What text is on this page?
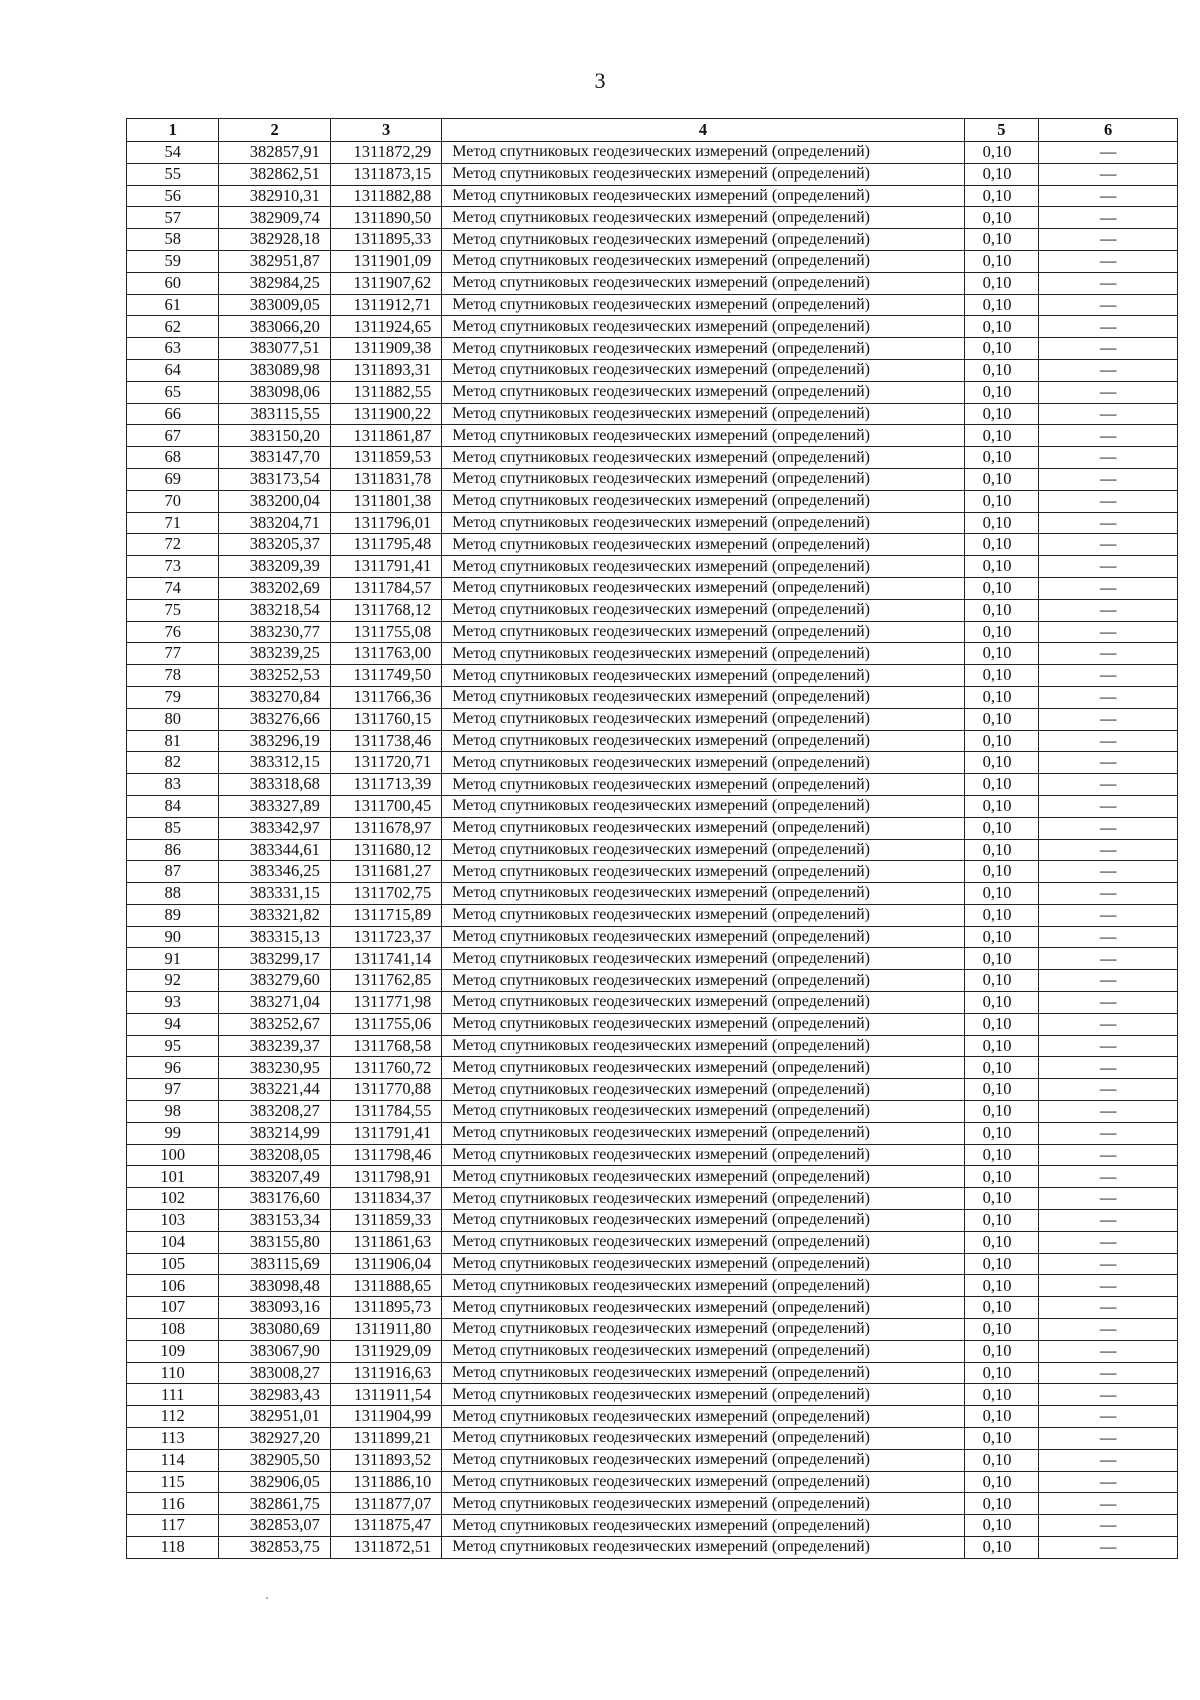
3
1	2	3	4	5	6
54	382857,91	1311872,29	Метод спутниковых геодезических измерений (определений)	0,10	—
55	382862,51	1311873,15	Метод спутниковых геодезических измерений (определений)	0,10	—
56	382910,31	1311882,88	Метод спутниковых геодезических измерений (определений)	0,10	—
57	382909,74	1311890,50	Метод спутниковых геодезических измерений (определений)	0,10	—
58	382928,18	1311895,33	Метод спутниковых геодезических измерений (определений)	0,10	—
59	382951,87	1311901,09	Метод спутниковых геодезических измерений (определений)	0,10	—
60	382984,25	1311907,62	Метод спутниковых геодезических измерений (определений)	0,10	—
61	383009,05	1311912,71	Метод спутниковых геодезических измерений (определений)	0,10	—
62	383066,20	1311924,65	Метод спутниковых геодезических измерений (определений)	0,10	—
63	383077,51	1311909,38	Метод спутниковых геодезических измерений (определений)	0,10	—
64	383089,98	1311893,31	Метод спутниковых геодезических измерений (определений)	0,10	—
65	383098,06	1311882,55	Метод спутниковых геодезических измерений (определений)	0,10	—
66	383115,55	1311900,22	Метод спутниковых геодезических измерений (определений)	0,10	—
67	383150,20	1311861,87	Метод спутниковых геодезических измерений (определений)	0,10	—
68	383147,70	1311859,53	Метод спутниковых геодезических измерений (определений)	0,10	—
69	383173,54	1311831,78	Метод спутниковых геодезических измерений (определений)	0,10	—
70	383200,04	1311801,38	Метод спутниковых геодезических измерений (определений)	0,10	—
71	383204,71	1311796,01	Метод спутниковых геодезических измерений (определений)	0,10	—
72	383205,37	1311795,48	Метод спутниковых геодезических измерений (определений)	0,10	—
73	383209,39	1311791,41	Метод спутниковых геодезических измерений (определений)	0,10	—
74	383202,69	1311784,57	Метод спутниковых геодезических измерений (определений)	0,10	—
75	383218,54	1311768,12	Метод спутниковых геодезических измерений (определений)	0,10	—
76	383230,77	1311755,08	Метод спутниковых геодезических измерений (определений)	0,10	—
77	383239,25	1311763,00	Метод спутниковых геодезических измерений (определений)	0,10	—
78	383252,53	1311749,50	Метод спутниковых геодезических измерений (определений)	0,10	—
79	383270,84	1311766,36	Метод спутниковых геодезических измерений (определений)	0,10	—
80	383276,66	1311760,15	Метод спутниковых геодезических измерений (определений)	0,10	—
81	383296,19	1311738,46	Метод спутниковых геодезических измерений (определений)	0,10	—
82	383312,15	1311720,71	Метод спутниковых геодезических измерений (определений)	0,10	—
83	383318,68	1311713,39	Метод спутниковых геодезических измерений (определений)	0,10	—
84	383327,89	1311700,45	Метод спутниковых геодезических измерений (определений)	0,10	—
85	383342,97	1311678,97	Метод спутниковых геодезических измерений (определений)	0,10	—
86	383344,61	1311680,12	Метод спутниковых геодезических измерений (определений)	0,10	—
87	383346,25	1311681,27	Метод спутниковых геодезических измерений (определений)	0,10	—
88	383331,15	1311702,75	Метод спутниковых геодезических измерений (определений)	0,10	—
89	383321,82	1311715,89	Метод спутниковых геодезических измерений (определений)	0,10	—
90	383315,13	1311723,37	Метод спутниковых геодезических измерений (определений)	0,10	—
91	383299,17	1311741,14	Метод спутниковых геодезических измерений (определений)	0,10	—
92	383279,60	1311762,85	Метод спутниковых геодезических измерений (определений)	0,10	—
93	383271,04	1311771,98	Метод спутниковых геодезических измерений (определений)	0,10	—
94	383252,67	1311755,06	Метод спутниковых геодезических измерений (определений)	0,10	—
95	383239,37	1311768,58	Метод спутниковых геодезических измерений (определений)	0,10	—
96	383230,95	1311760,72	Метод спутниковых геодезических измерений (определений)	0,10	—
97	383221,44	1311770,88	Метод спутниковых геодезических измерений (определений)	0,10	—
98	383208,27	1311784,55	Метод спутниковых геодезических измерений (определений)	0,10	—
99	383214,99	1311791,41	Метод спутниковых геодезических измерений (определений)	0,10	—
100	383208,05	1311798,46	Метод спутниковых геодезических измерений (определений)	0,10	—
101	383207,49	1311798,91	Метод спутниковых геодезических измерений (определений)	0,10	—
102	383176,60	1311834,37	Метод спутниковых геодезических измерений (определений)	0,10	—
103	383153,34	1311859,33	Метод спутниковых геодезических измерений (определений)	0,10	—
104	383155,80	1311861,63	Метод спутниковых геодезических измерений (определений)	0,10	—
105	383115,69	1311906,04	Метод спутниковых геодезических измерений (определений)	0,10	—
106	383098,48	1311888,65	Метод спутниковых геодезических измерений (определений)	0,10	—
107	383093,16	1311895,73	Метод спутниковых геодезических измерений (определений)	0,10	—
108	383080,69	1311911,80	Метод спутниковых геодезических измерений (определений)	0,10	—
109	383067,90	1311929,09	Метод спутниковых геодезических измерений (определений)	0,10	—
110	383008,27	1311916,63	Метод спутниковых геодезических измерений (определений)	0,10	—
111	382983,43	1311911,54	Метод спутниковых геодезических измерений (определений)	0,10	—
112	382951,01	1311904,99	Метод спутниковых геодезических измерений (определений)	0,10	—
113	382927,20	1311899,21	Метод спутниковых геодезических измерений (определений)	0,10	—
114	382905,50	1311893,52	Метод спутниковых геодезических измерений (определений)	0,10	—
115	382906,05	1311886,10	Метод спутниковых геодезических измерений (определений)	0,10	—
116	382861,75	1311877,07	Метод спутниковых геодезических измерений (определений)	0,10	—
117	382853,07	1311875,47	Метод спутниковых геодезических измерений (определений)	0,10	—
118	382853,75	1311872,51	Метод спутниковых геодезических измерений (определений)	0,10	—
